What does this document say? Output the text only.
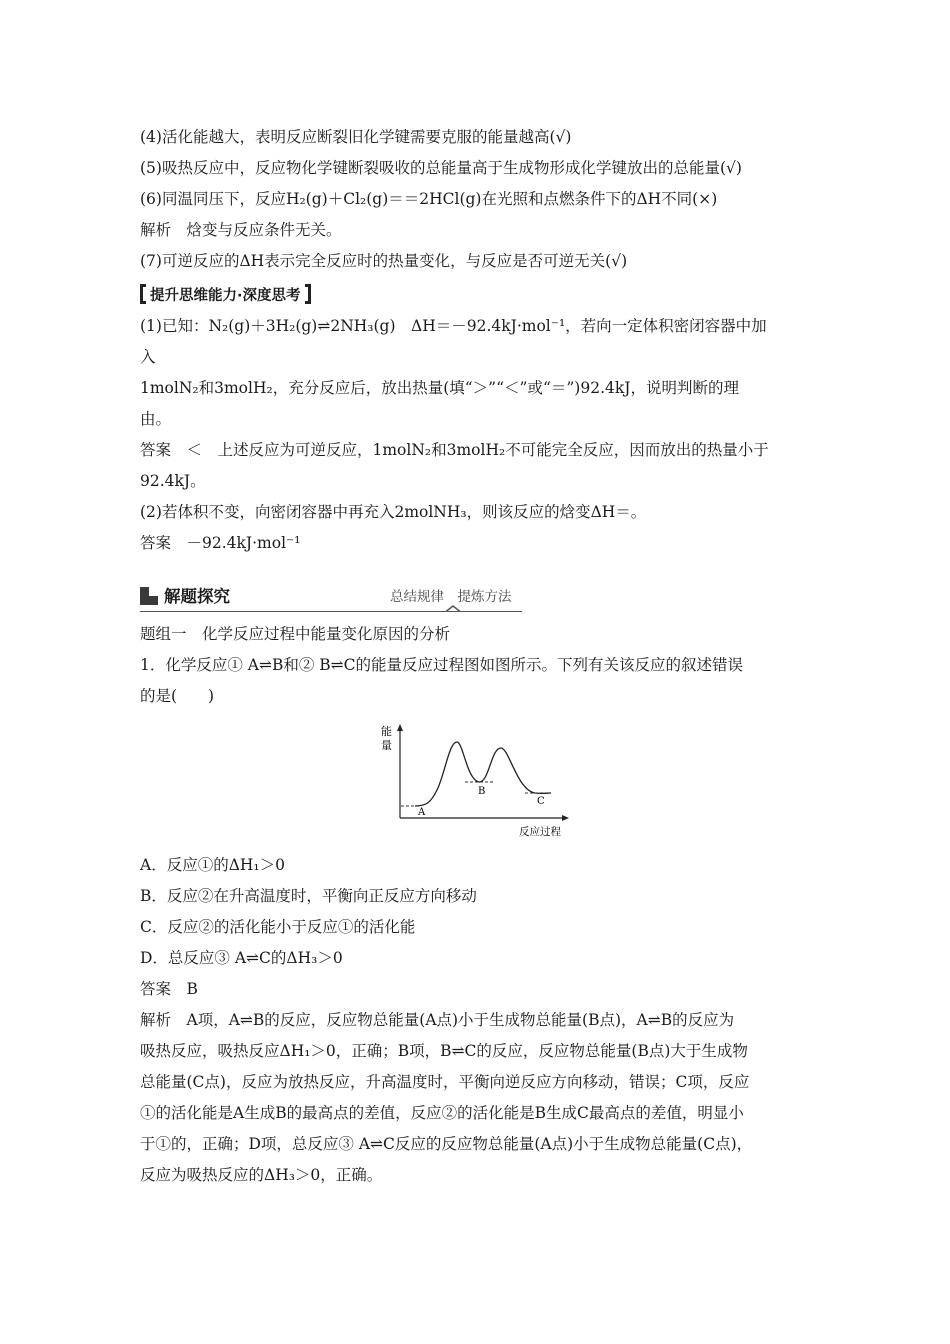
(4)活化能越大，表明反应断裂旧化学键需要克服的能量越高(√)
(5)吸热反应中，反应物化学键断裂吸收的总能量高于生成物形成化学键放出的总能量(√)
(6)同温同压下，反应H₂(g)＋Cl₂(g)＝＝2HCl(g)在光照和点燃条件下的ΔH不同(×)
解析　焓变与反应条件无关。
(7)可逆反应的ΔH表示完全反应时的热量变化，与反应是否可逆无关(√)
提升思维能力·深度思考
(1)已知：N₂(g)＋3H₂(g)⇌2NH₃(g)　ΔH＝－92.4kJ·mol⁻¹，若向一定体积密闭容器中加
入
1molN₂和3molH₂，充分反应后，放出热量(填“＞”“＜”或“＝”)92.4kJ，说明判断的理
由。
答案　＜　上述反应为可逆反应，1molN₂和3molH₂不可能完全反应，因而放出的热量小于
92.4kJ。
(2)若体积不变，向密闭容器中再充入2molNH₃，则该反应的焓变ΔH＝。
答案　－92.4kJ·mol⁻¹
解题探究	总结规律　提炼方法
题组一　化学反应过程中能量变化原因的分析
1．化学反应① A⇌B和② B⇌C的能量反应过程图如图所示。下列有关该反应的叙述错误
的是(　　)
能
量
反应过程
A
B
C
A．反应①的ΔH₁＞0
B．反应②在升高温度时，平衡向正反应方向移动
C．反应②的活化能小于反应①的活化能
D．总反应③ A⇌C的ΔH₃＞0
答案　B
解析　A项，A⇌B的反应，反应物总能量(A点)小于生成物总能量(B点)，A⇌B的反应为
吸热反应，吸热反应ΔH₁＞0，正确；B项，B⇌C的反应，反应物总能量(B点)大于生成物
总能量(C点)，反应为放热反应，升高温度时，平衡向逆反应方向移动，错误；C项，反应
①的活化能是A生成B的最高点的差值，反应②的活化能是B生成C最高点的差值，明显小
于①的，正确；D项，总反应③ A⇌C反应的反应物总能量(A点)小于生成物总能量(C点)，
反应为吸热反应的ΔH₃＞0，正确。
